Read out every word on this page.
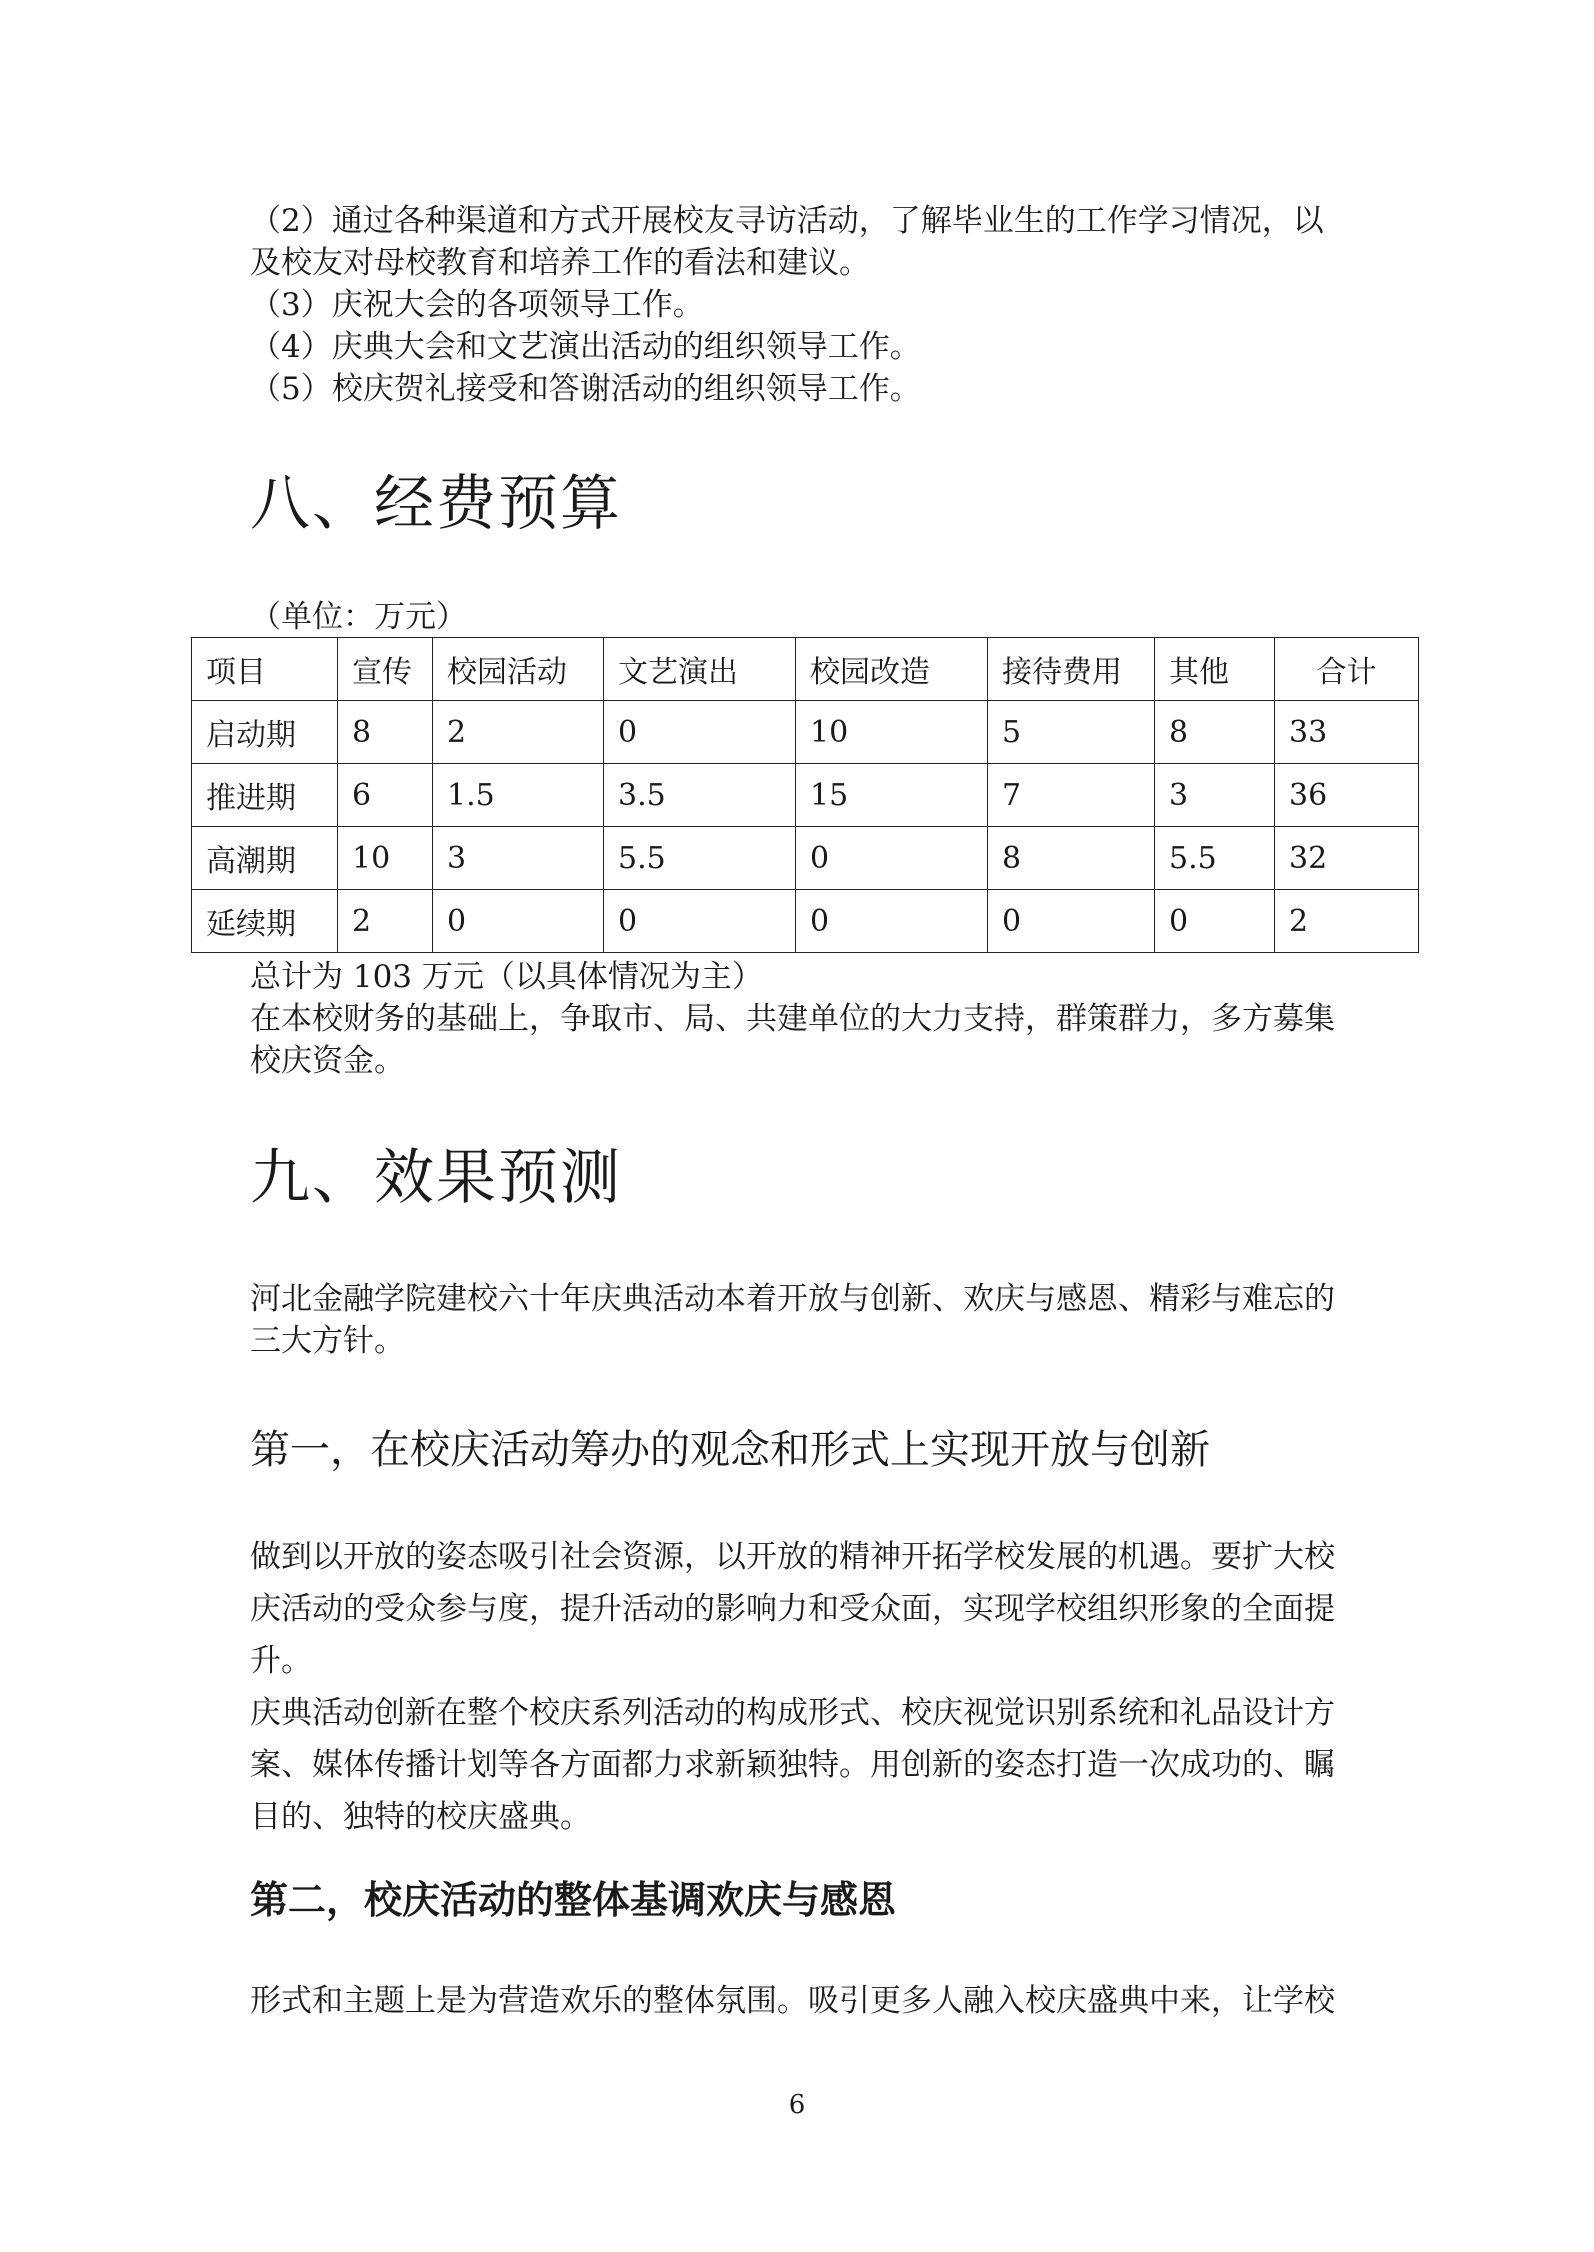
（2）通过各种渠道和方式开展校友寻访活动，了解毕业生的工作学习情况，以

及校友对母校教育和培养工作的看法和建议。

（3）庆祝大会的各项领导工作。

（4）庆典大会和文艺演出活动的组织领导工作。

（5）校庆贺礼接受和答谢活动的组织领导工作。

八、经费预算

（单位：万元）

项目	宣传	校园活动	文艺演出	校园改造	接待费用	其他	合计
启动期	8	2	0	10	5	8	33
推进期	6	1.5	3.5	15	7	3	36
高潮期	10	3	5.5	0	8	5.5	32
延续期	2	0	0	0	0	0	2

总计为 103 万元（以具体情况为主）

在本校财务的基础上，争取市、局、共建单位的大力支持，群策群力，多方募集

校庆资金。

九、效果预测

河北金融学院建校六十年庆典活动本着开放与创新、欢庆与感恩、精彩与难忘的

三大方针。

第一，在校庆活动筹办的观念和形式上实现开放与创新

做到以开放的姿态吸引社会资源，以开放的精神开拓学校发展的机遇。要扩大校

庆活动的受众参与度，提升活动的影响力和受众面，实现学校组织形象的全面提

升。

庆典活动创新在整个校庆系列活动的构成形式、校庆视觉识别系统和礼品设计方

案、媒体传播计划等各方面都力求新颖独特。用创新的姿态打造一次成功的、瞩

目的、独特的校庆盛典。

第二，校庆活动的整体基调欢庆与感恩

形式和主题上是为营造欢乐的整体氛围。吸引更多人融入校庆盛典中来，让学校

6
